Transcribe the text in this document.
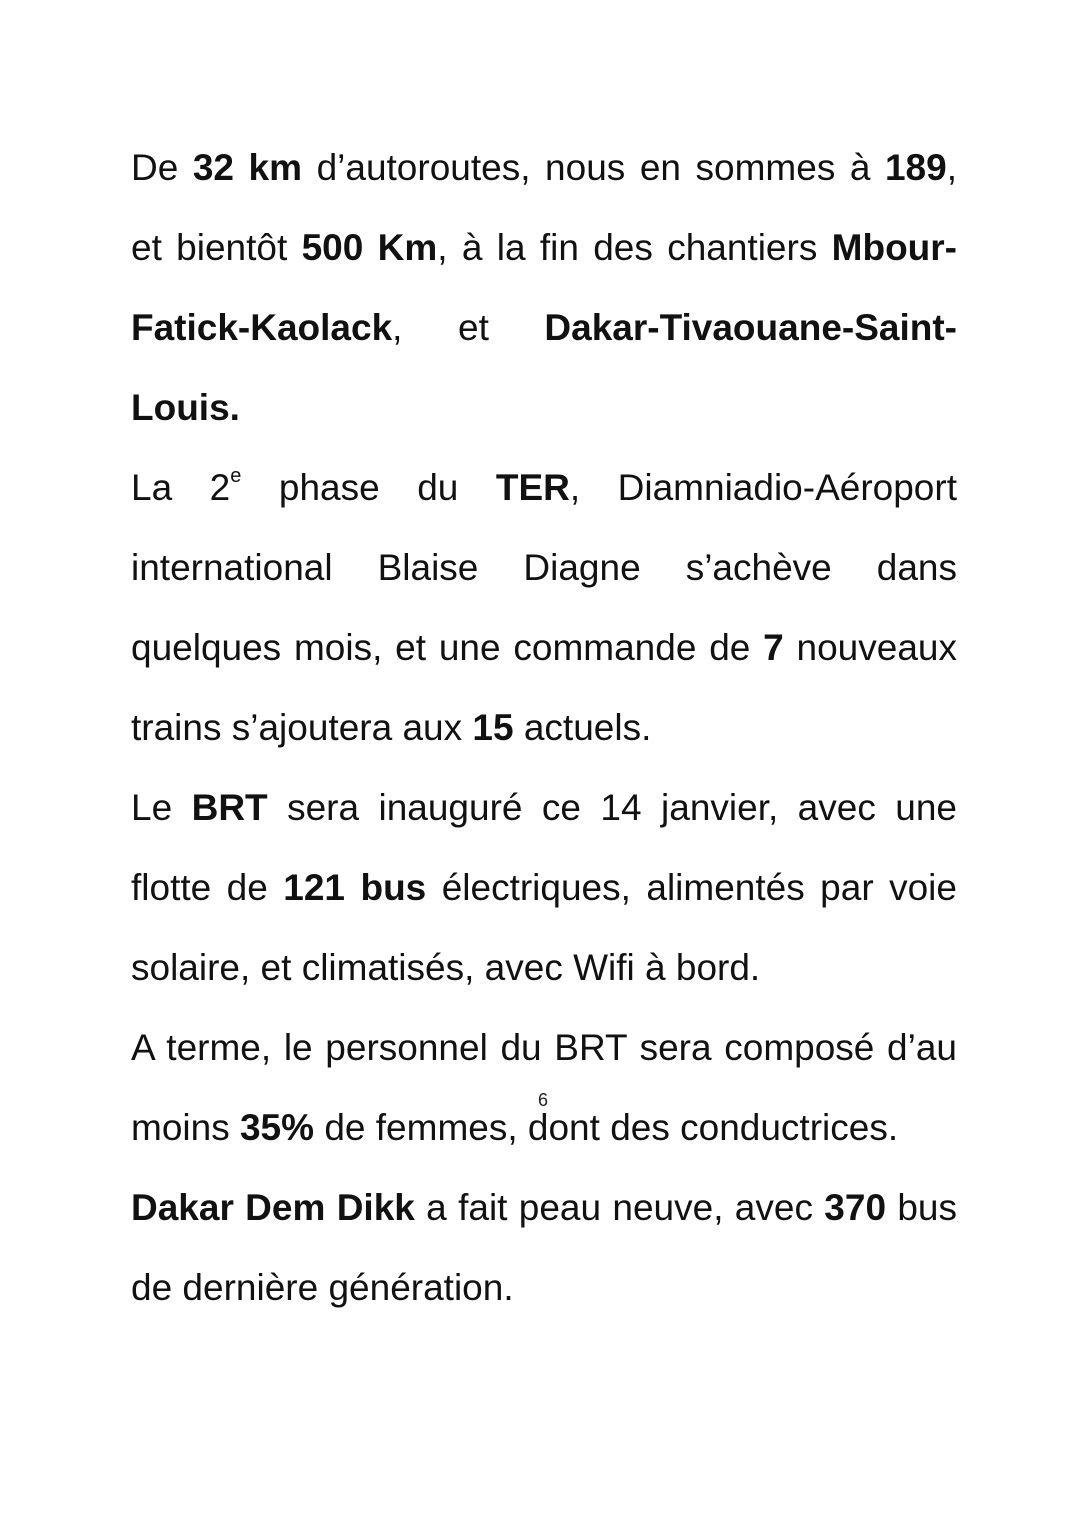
De 32 km d’autoroutes, nous en sommes à 189, et bientôt 500 Km, à la fin des chantiers Mbour-Fatick-Kaolack, et Dakar-Tivaouane-Saint-Louis.

La 2e phase du TER, Diamniadio-Aéroport international Blaise Diagne s’achève dans quelques mois, et une commande de 7 nouveaux trains s’ajoutera aux 15 actuels.

Le BRT sera inauguré ce 14 janvier, avec une flotte de 121 bus électriques, alimentés par voie solaire, et climatisés, avec Wifi à bord.

A terme, le personnel du BRT sera composé d’au moins 35% de femmes, dont des conductrices.

Dakar Dem Dikk a fait peau neuve, avec 370 bus de dernière génération.

6
